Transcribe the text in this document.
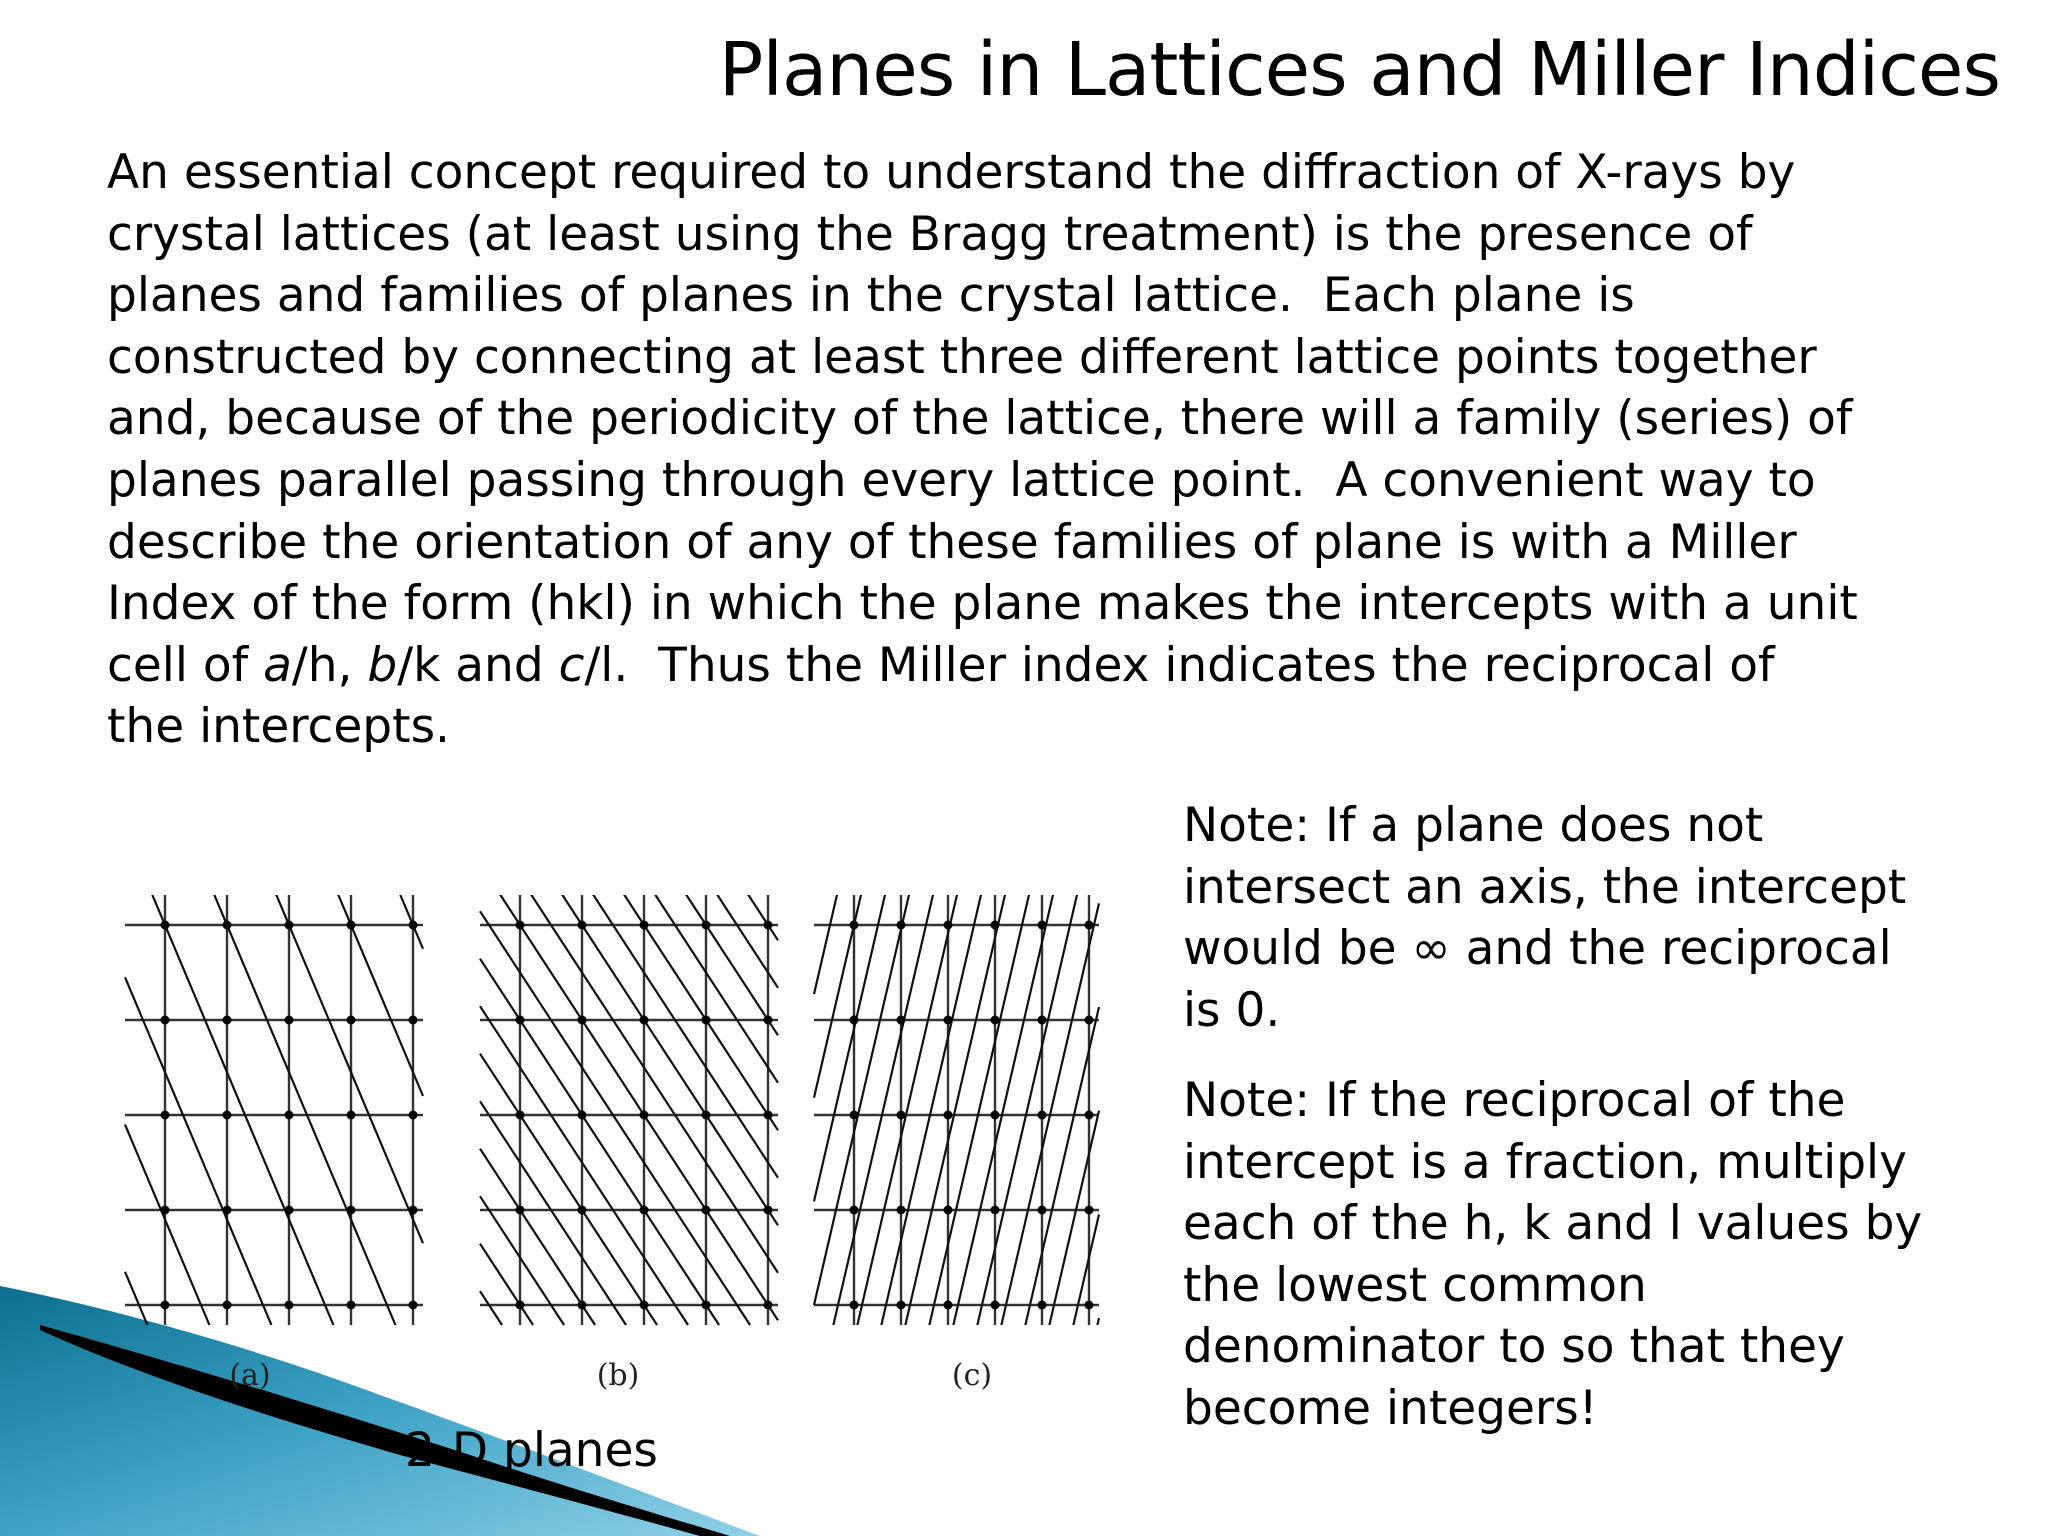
Planes in Lattices and Miller Indices
An essential concept required to understand the diffraction of X-rays by
crystal lattices (at least using the Bragg treatment) is the presence of
planes and families of planes in the crystal lattice.  Each plane is
constructed by connecting at least three different lattice points together
and, because of the periodicity of the lattice, there will a family (series) of
planes parallel passing through every lattice point.  A convenient way to
describe the orientation of any of these families of plane is with a Miller
Index of the form (hkl) in which the plane makes the intercepts with a unit
cell of a/h, b/k and c/l.  Thus the Miller index indicates the reciprocal of
the intercepts.
Note: If a plane does not
intersect an axis, the intercept
would be ∞ and the reciprocal
is 0.
Note: If the reciprocal of the
intercept is a fraction, multiply
each of the h, k and l values by
the lowest common
denominator to so that they
become integers!
(a)	(b)	(c)
2-D planes
